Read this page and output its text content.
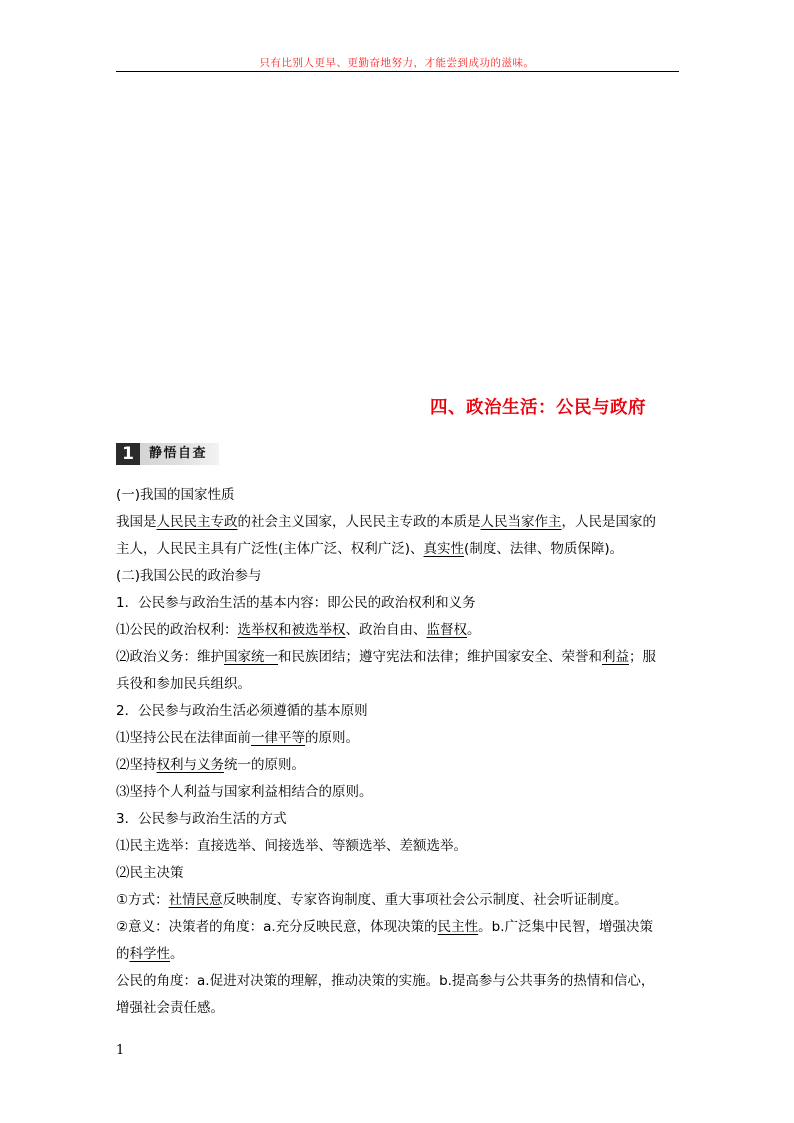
只有比别人更早、更勤奋地努力，才能尝到成功的滋味。
四、政治生活：公民与政府
1	静悟自查
(一)我国的国家性质
我国是人民民主专政的社会主义国家，人民民主专政的本质是人民当家作主，人民是国家的
主人，人民民主具有广泛性(主体广泛、权利广泛)、真实性(制度、法律、物质保障)。
(二)我国公民的政治参与
1．公民参与政治生活的基本内容：即公民的政治权利和义务
⑴公民的政治权利：选举权和被选举权、政治自由、监督权。
⑵政治义务：维护国家统一和民族团结；遵守宪法和法律；维护国家安全、荣誉和利益；服
兵役和参加民兵组织。
2．公民参与政治生活必须遵循的基本原则
⑴坚持公民在法律面前一律平等的原则。
⑵坚持权利与义务统一的原则。
⑶坚持个人利益与国家利益相结合的原则。
3．公民参与政治生活的方式
⑴民主选举：直接选举、间接选举、等额选举、差额选举。
⑵民主决策
①方式：社情民意反映制度、专家咨询制度、重大事项社会公示制度、社会听证制度。
②意义：决策者的角度：a.充分反映民意，体现决策的民主性。b.广泛集中民智，增强决策
的科学性。
公民的角度：a.促进对决策的理解，推动决策的实施。b.提高参与公共事务的热情和信心，
增强社会责任感。
1
